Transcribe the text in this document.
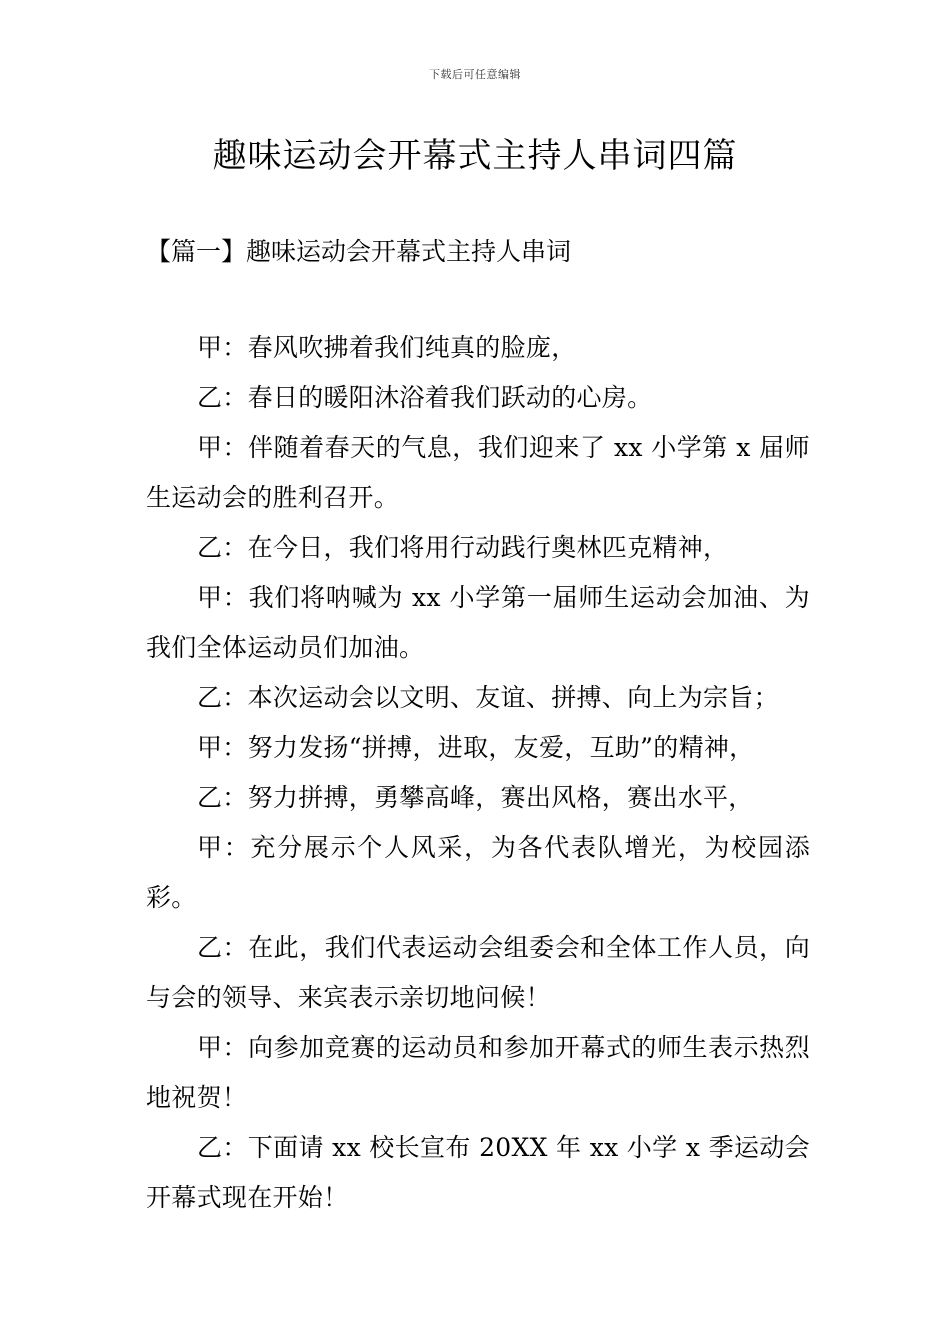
下载后可任意编辑
趣味运动会开幕式主持人串词四篇
【篇一】趣味运动会开幕式主持人串词

甲：春风吹拂着我们纯真的脸庞，

乙：春日的暖阳沐浴着我们跃动的心房。

甲：伴随着春天的气息，我们迎来了 xx 小学第 x 届师生运动会的胜利召开。

乙：在今日，我们将用行动践行奥林匹克精神，

甲：我们将呐喊为 xx 小学第一届师生运动会加油、为我们全体运动员们加油。

乙：本次运动会以文明、友谊、拼搏、向上为宗旨；

甲：努力发扬“拼搏，进取，友爱，互助”的精神，

乙：努力拼搏，勇攀高峰，赛出风格，赛出水平，

甲：充分展示个人风采，为各代表队增光，为校园添彩。

乙：在此，我们代表运动会组委会和全体工作人员，向与会的领导、来宾表示亲切地问候！

甲：向参加竞赛的运动员和参加开幕式的师生表示热烈地祝贺！

乙：下面请 xx 校长宣布 20XX 年 xx 小学 x 季运动会开幕式现在开始！
